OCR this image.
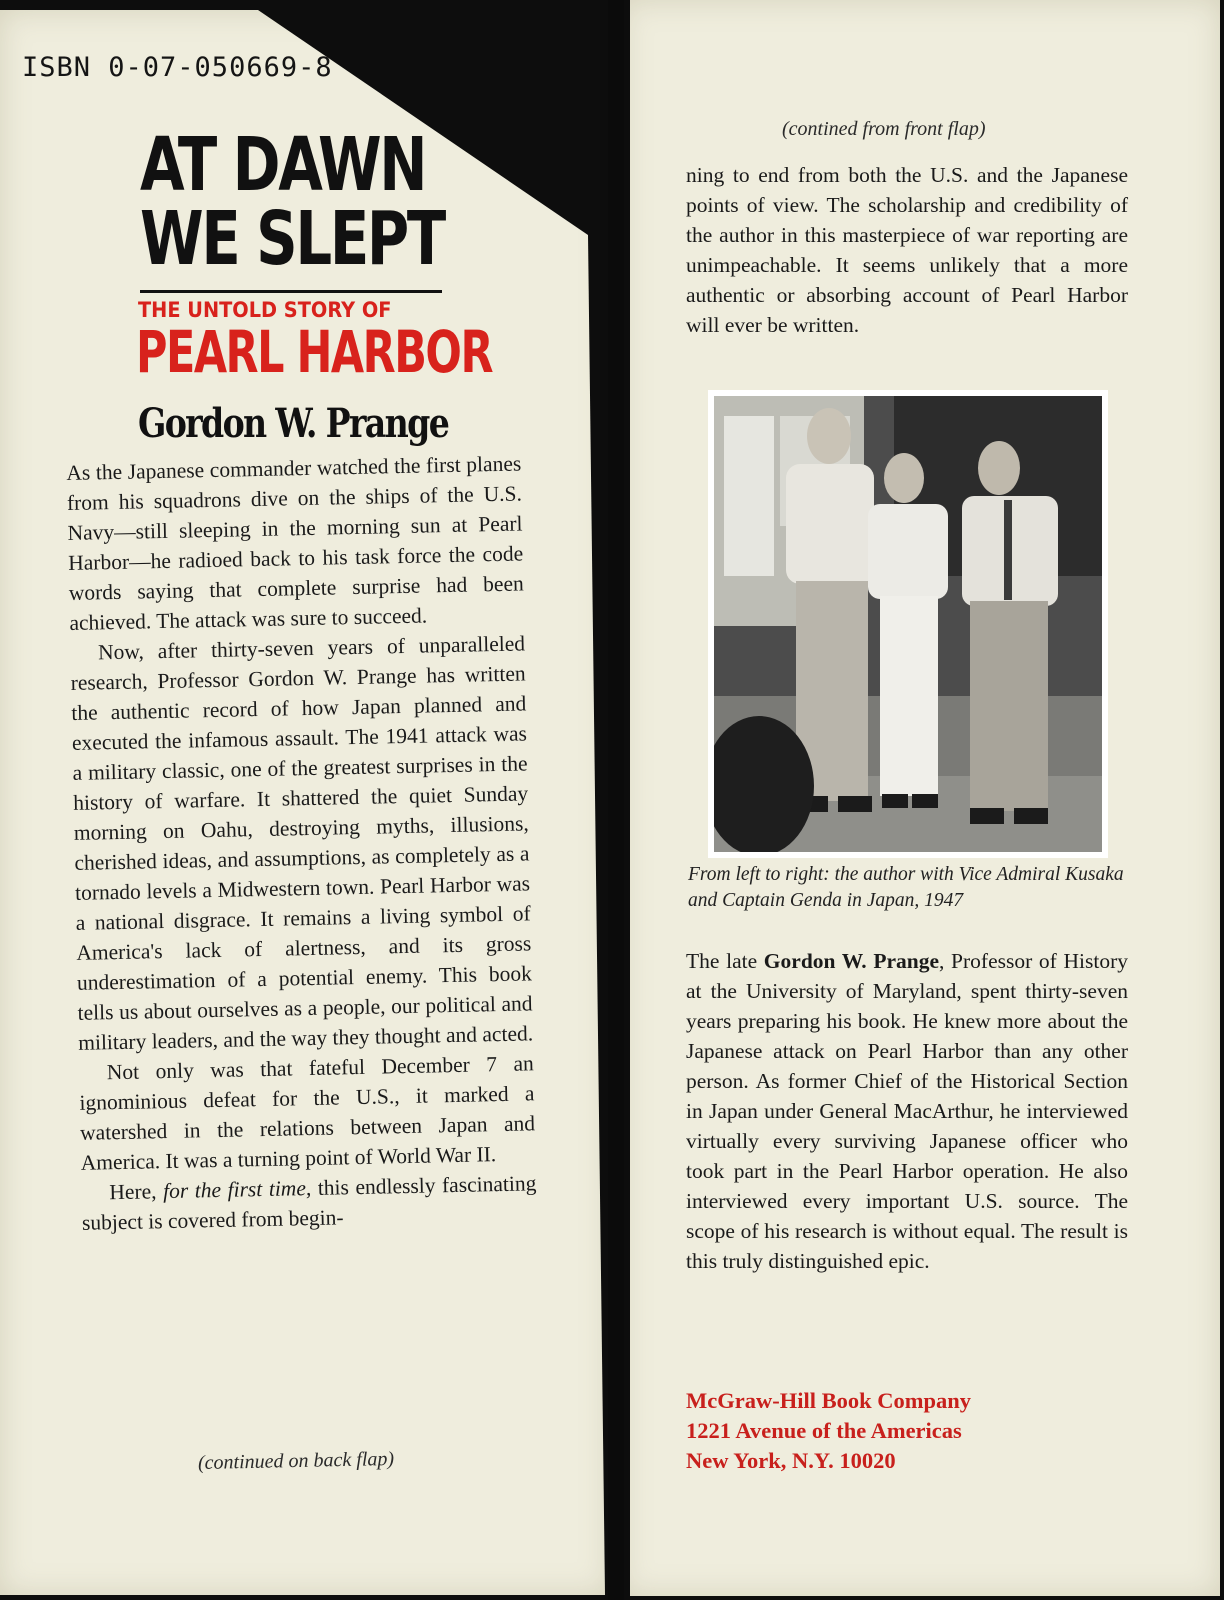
ISBN 0-07-050669-8
AT DAWN
WE SLEPT
THE UNTOLD STORY OF
PEARL HARBOR
Gordon W. Prange

As the Japanese commander watched the first planes from his squadrons dive on the ships of the U.S. Navy—still sleeping in the morning sun at Pearl Harbor—he radioed back to his task force the code words saying that complete surprise had been achieved. The attack was sure to succeed.

Now, after thirty-seven years of unparalleled research, Professor Gordon W. Prange has written the authentic record of how Japan planned and executed the infamous assault. The 1941 attack was a military classic, one of the greatest surprises in the history of warfare. It shattered the quiet Sunday morning on Oahu, destroying myths, illusions, cherished ideas, and assumptions, as completely as a tornado levels a Midwestern town. Pearl Harbor was a national disgrace. It remains a living symbol of America's lack of alertness, and its gross underestimation of a potential enemy. This book tells us about ourselves as a people, our political and military leaders, and the way they thought and acted.

Not only was that fateful December 7 an ignominious defeat for the U.S., it marked a watershed in the relations between Japan and America. It was a turning point of World War II.

Here, for the first time, this endlessly fascinating subject is covered from begin-

(continued on back flap)
(contined from front flap)

ning to end from both the U.S. and the Japanese points of view. The scholarship and credibility of the author in this masterpiece of war reporting are unimpeachable. It seems unlikely that a more authentic or absorbing account of Pearl Harbor will ever be written.

From left to right: the author with Vice Admiral Kusaka and Captain Genda in Japan, 1947

The late Gordon W. Prange, Professor of History at the University of Maryland, spent thirty-seven years preparing his book. He knew more about the Japanese attack on Pearl Harbor than any other person. As former Chief of the Historical Section in Japan under General MacArthur, he interviewed virtually every surviving Japanese officer who took part in the Pearl Harbor operation. He also interviewed every important U.S. source. The scope of his research is without equal. The result is this truly distinguished epic.

McGraw-Hill Book Company
1221 Avenue of the Americas
New York, N.Y. 10020
